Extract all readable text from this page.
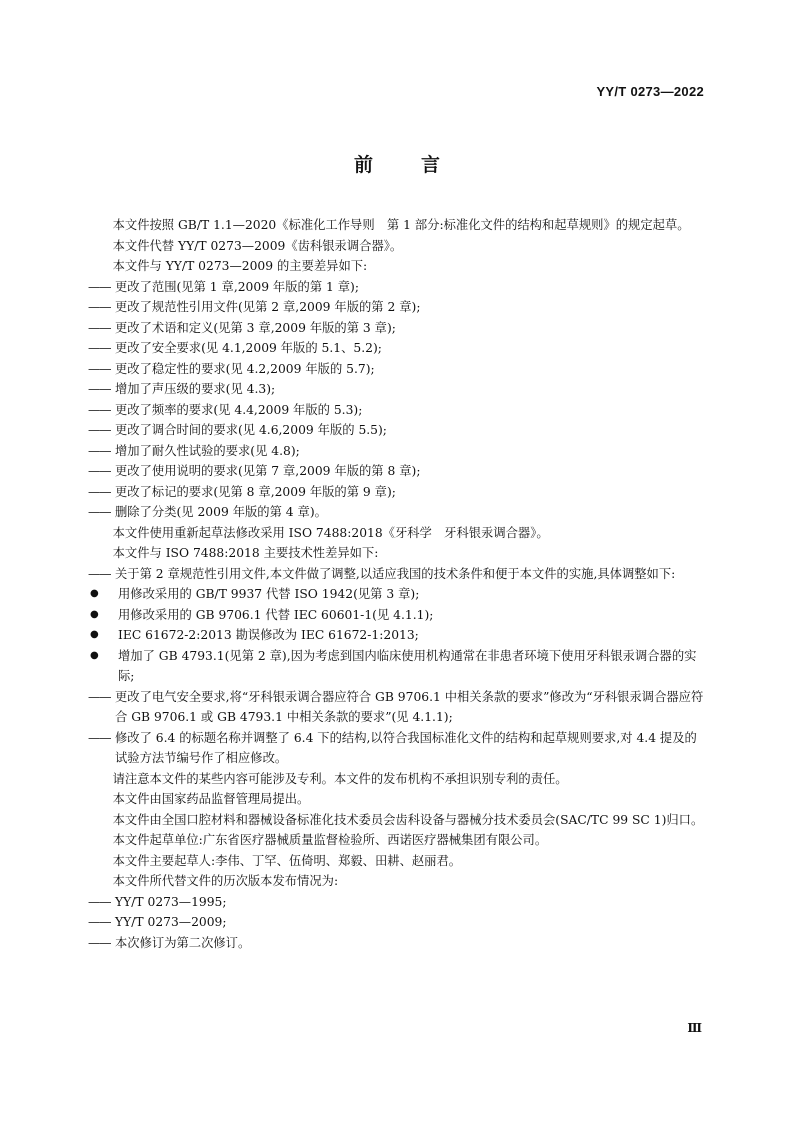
YY/T 0273—2022
前言

本文件按照 GB/T 1.1—2020《标准化工作导则　第 1 部分:标准化文件的结构和起草规则》的规定起草。

本文件代替 YY/T 0273—2009《齿科银汞调合器》。

本文件与 YY/T 0273—2009 的主要差异如下:

—— 更改了范围(见第 1 章,2009 年版的第 1 章);

—— 更改了规范性引用文件(见第 2 章,2009 年版的第 2 章);

—— 更改了术语和定义(见第 3 章,2009 年版的第 3 章);

—— 更改了安全要求(见 4.1,2009 年版的 5.1、5.2);

—— 更改了稳定性的要求(见 4.2,2009 年版的 5.7);

—— 增加了声压级的要求(见 4.3);

—— 更改了频率的要求(见 4.4,2009 年版的 5.3);

—— 更改了调合时间的要求(见 4.6,2009 年版的 5.5);

—— 增加了耐久性试验的要求(见 4.8);

—— 更改了使用说明的要求(见第 7 章,2009 年版的第 8 章);

—— 更改了标记的要求(见第 8 章,2009 年版的第 9 章);

—— 删除了分类(见 2009 年版的第 4 章)。

本文件使用重新起草法修改采用 ISO 7488:2018《牙科学　牙科银汞调合器》。

本文件与 ISO 7488:2018 主要技术性差异如下:

—— 关于第 2 章规范性引用文件,本文件做了调整,以适应我国的技术条件和便于本文件的实施,具体调整如下:

●	用修改采用的 GB/T 9937 代替 ISO 1942(见第 3 章);

●	用修改采用的 GB 9706.1 代替 IEC 60601-1(见 4.1.1);

●	IEC 61672-2:2013 勘误修改为 IEC 61672-1:2013;

●	增加了 GB 4793.1(见第 2 章),因为考虑到国内临床使用机构通常在非患者环境下使用牙科银汞调合器的实际;

—— 更改了电气安全要求,将“牙科银汞调合器应符合 GB 9706.1 中相关条款的要求”修改为“牙科银汞调合器应符合 GB 9706.1 或 GB 4793.1 中相关条款的要求”(见 4.1.1);

—— 修改了 6.4 的标题名称并调整了 6.4 下的结构,以符合我国标准化文件的结构和起草规则要求,对 4.4 提及的试验方法节编号作了相应修改。

请注意本文件的某些内容可能涉及专利。本文件的发布机构不承担识别专利的责任。

本文件由国家药品监督管理局提出。

本文件由全国口腔材料和器械设备标准化技术委员会齿科设备与器械分技术委员会(SAC/TC 99 SC 1)归口。

本文件起草单位:广东省医疗器械质量监督检验所、西诺医疗器械集团有限公司。

本文件主要起草人:李伟、丁罕、伍倚明、郑毅、田耕、赵丽君。

本文件所代替文件的历次版本发布情况为:

—— YY/T 0273—1995;

—— YY/T 0273—2009;

—— 本次修订为第二次修订。

Ⅲ
